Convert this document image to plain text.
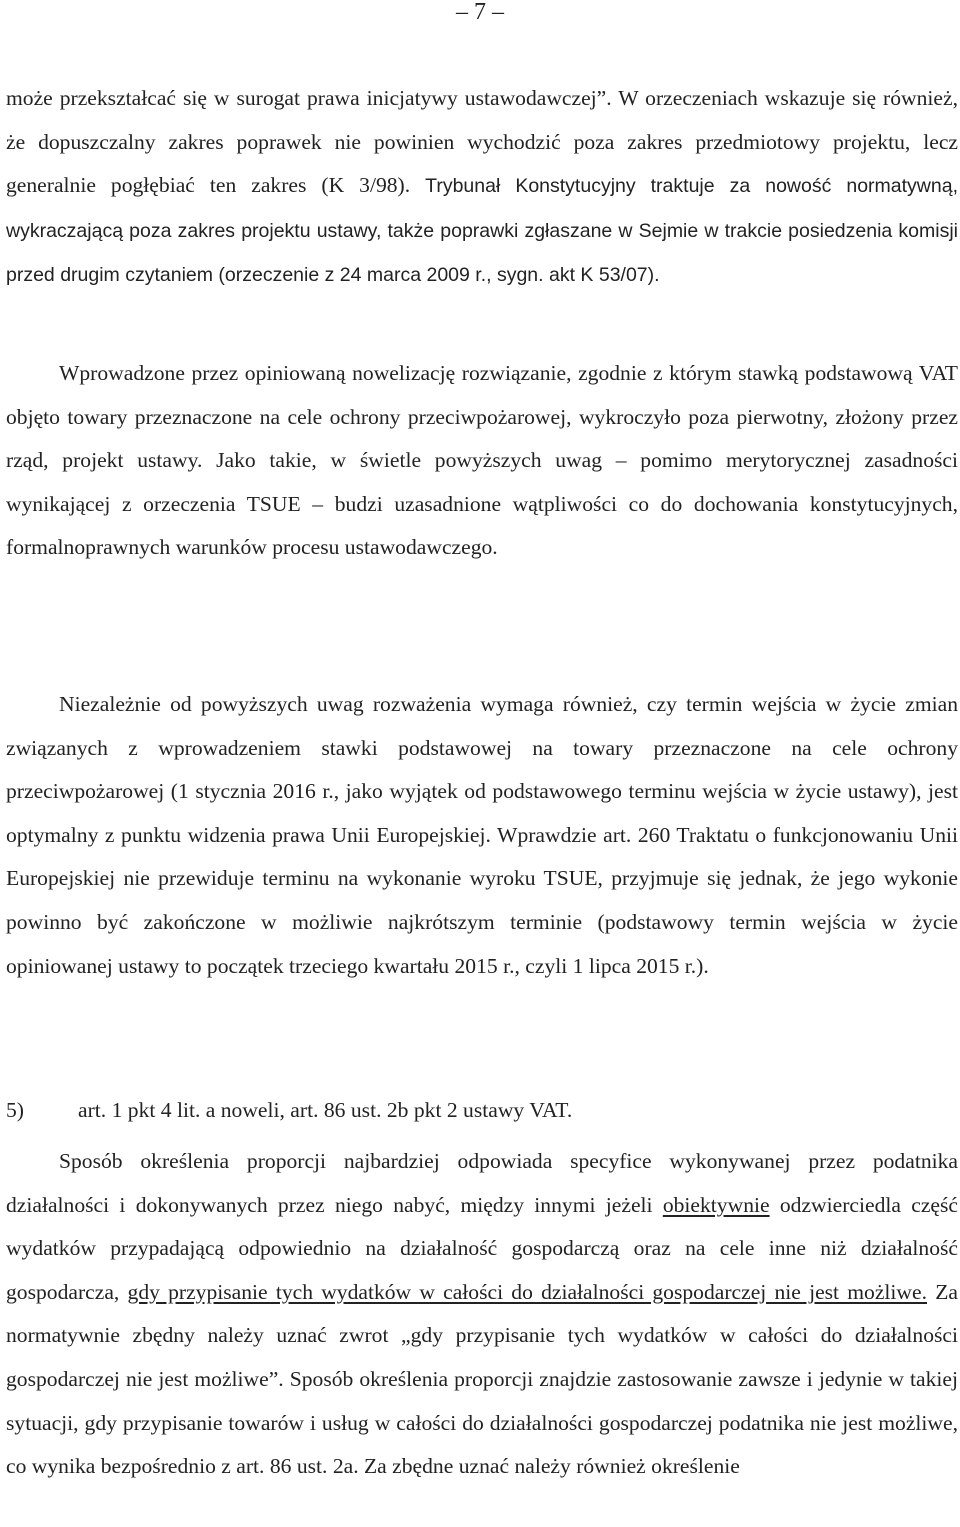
– 7 –

może przekształcać się w surogat prawa inicjatywy ustawodawczej”. W orzeczeniach wskazuje się również, że dopuszczalny zakres poprawek nie powinien wychodzić poza zakres przedmiotowy projektu, lecz generalnie pogłębiać ten zakres (K 3/98). Trybunał Konstytucyjny traktuje za nowość normatywną, wykraczającą poza zakres projektu ustawy, także poprawki zgłaszane w Sejmie w trakcie posiedzenia komisji przed drugim czytaniem (orzeczenie z 24 marca 2009 r., sygn. akt K 53/07).

Wprowadzone przez opiniowaną nowelizację rozwiązanie, zgodnie z którym stawką podstawową VAT objęto towary przeznaczone na cele ochrony przeciwpożarowej, wykroczyło poza pierwotny, złożony przez rząd, projekt ustawy. Jako takie, w świetle powyższych uwag – pomimo merytorycznej zasadności wynikającej z orzeczenia TSUE – budzi uzasadnione wątpliwości co do dochowania konstytucyjnych, formalnoprawnych warunków procesu ustawodawczego.

Niezależnie od powyższych uwag rozważenia wymaga również, czy termin wejścia w życie zmian związanych z wprowadzeniem stawki podstawowej na towary przeznaczone na cele ochrony przeciwpożarowej (1 stycznia 2016 r., jako wyjątek od podstawowego terminu wejścia w życie ustawy), jest optymalny z punktu widzenia prawa Unii Europejskiej. Wprawdzie art. 260 Traktatu o funkcjonowaniu Unii Europejskiej nie przewiduje terminu na wykonanie wyroku TSUE, przyjmuje się jednak, że jego wykonie powinno być zakończone w możliwie najkrótszym terminie (podstawowy termin wejścia w życie opiniowanej ustawy to początek trzeciego kwartału 2015 r., czyli 1 lipca 2015 r.).

5)	art. 1 pkt 4 lit. a noweli, art. 86 ust. 2b pkt 2 ustawy VAT.

Sposób określenia proporcji najbardziej odpowiada specyfice wykonywanej przez podatnika działalności i dokonywanych przez niego nabyć, między innymi jeżeli obiektywnie odzwierciedla część wydatków przypadającą odpowiednio na działalność gospodarczą oraz na cele inne niż działalność gospodarcza, gdy przypisanie tych wydatków w całości do działalności gospodarczej nie jest możliwe. Za normatywnie zbędny należy uznać zwrot „gdy przypisanie tych wydatków w całości do działalności gospodarczej nie jest możliwe”. Sposób określenia proporcji znajdzie zastosowanie zawsze i jedynie w takiej sytuacji, gdy przypisanie towarów i usług w całości do działalności gospodarczej podatnika nie jest możliwe, co wynika bezpośrednio z art. 86 ust. 2a. Za zbędne uznać należy również określenie
